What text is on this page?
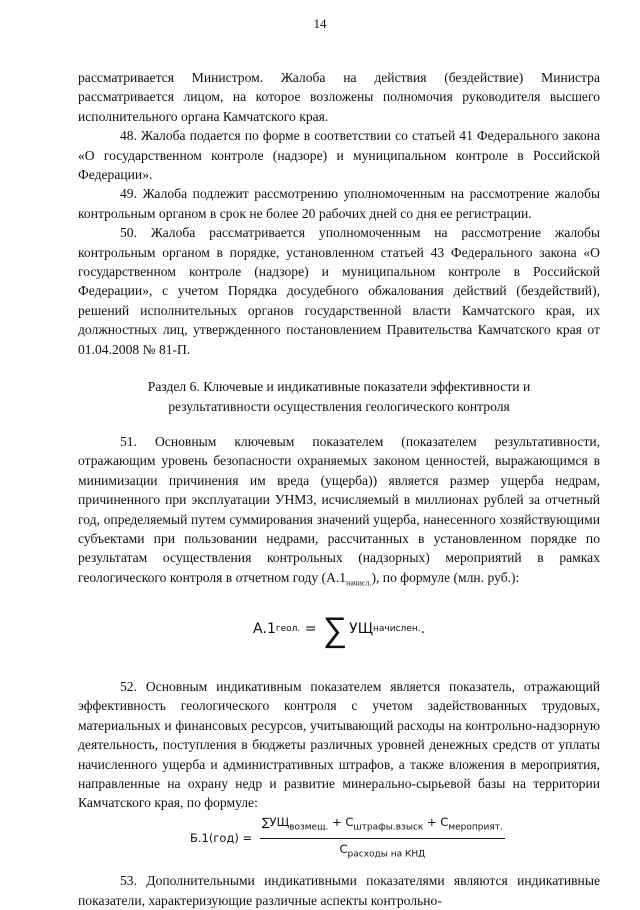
14

рассматривается Министром. Жалоба на действия (бездействие) Министра рассматривается лицом, на которое возложены полномочия руководителя высшего исполнительного органа Камчатского края.

48. Жалоба подается по форме в соответствии со статьей 41 Федерального закона «О государственном контроле (надзоре) и муниципальном контроле в Российской Федерации».

49. Жалоба подлежит рассмотрению уполномоченным на рассмотрение жалобы контрольным органом в срок не более 20 рабочих дней со дня ее регистрации.

50. Жалоба рассматривается уполномоченным на рассмотрение жалобы контрольным органом в порядке, установленном статьей 43 Федерального закона «О государственном контроле (надзоре) и муниципальном контроле в Российской Федерации», с учетом Порядка досудебного обжалования действий (бездействий), решений исполнительных органов государственной власти Камчатского края, их должностных лиц, утвержденного постановлением Правительства Камчатского края от 01.04.2008 № 81-П.

Раздел 6. Ключевые и индикативные показатели эффективности и результативности осуществления геологического контроля

51. Основным ключевым показателем (показателем результативности, отражающим уровень безопасности охраняемых законом ценностей, выражающимся в минимизации причинения им вреда (ущерба)) является размер ущерба недрам, причиненного при эксплуатации УНМЗ, исчисляемый в миллионах рублей за отчетный год, определяемый путем суммирования значений ущерба, нанесенного хозяйствующими субъектами при пользовании недрами, рассчитанных в установленном порядке по результатам осуществления контрольных (надзорных) мероприятий в рамках геологического контроля в отчетном году $(А.1_{начисл.})$, по формуле (млн. руб.):

А.1 геол. = ∑ УЩ начислен. .

52. Основным индикативным показателем является показатель, отражающий эффективность геологического контроля с учетом задействованных трудовых, материальных и финансовых ресурсов, учитывающий расходы на контрольно-надзорную деятельность, поступления в бюджеты различных уровней денежных средств от уплаты начисленного ущерба и административных штрафов, а также вложения в мероприятия, направленные на охрану недр и развитие минерально-сырьевой базы на территории Камчатского края, по формуле:

$Б.1(год) = \frac{\sum УЩ_{возмещ.} + С_{штрафы.взыск} + С_{мероприят.}}{С_{расходы на КНД}}$

53. Дополнительными индикативными показателями являются индикативные показатели, характеризующие различные аспекты контрольно-
